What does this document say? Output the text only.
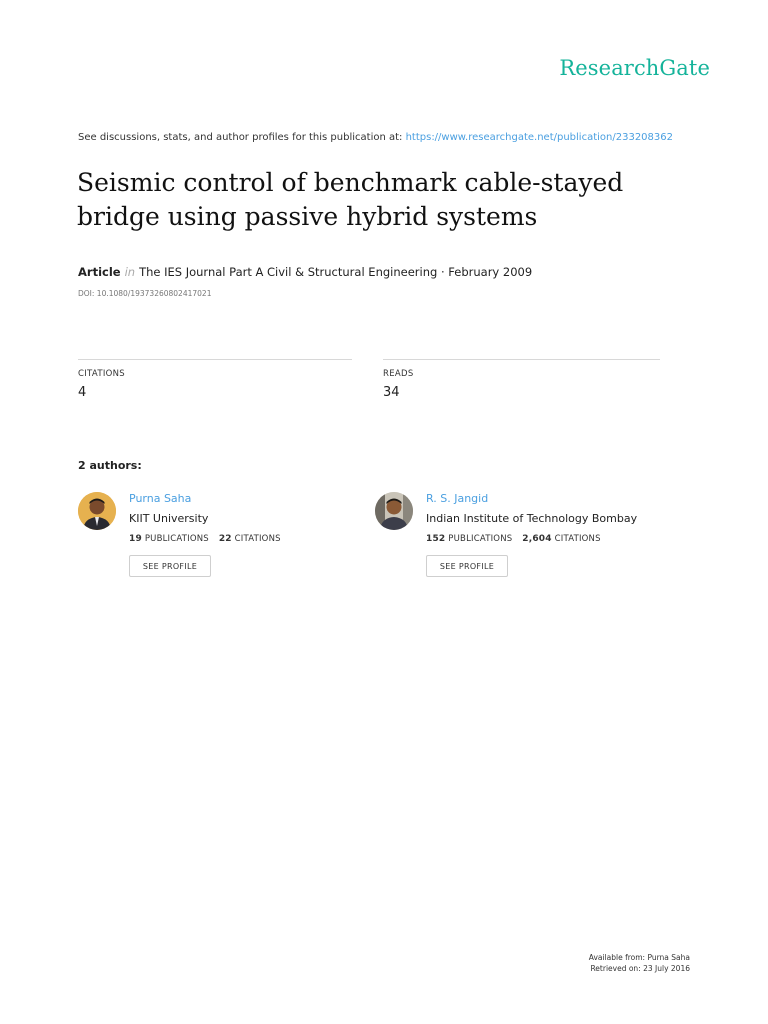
ResearchGate
See discussions, stats, and author profiles for this publication at: https://www.researchgate.net/publication/233208362
Seismic control of benchmark cable-stayed bridge using passive hybrid systems
Article in The IES Journal Part A Civil & Structural Engineering · February 2009
DOI: 10.1080/19373260802417021
CITATIONS
4
READS
34
2 authors:
Purna Saha
KIIT University
19 PUBLICATIONS 22 CITATIONS
SEE PROFILE
R. S. Jangid
Indian Institute of Technology Bombay
152 PUBLICATIONS 2,604 CITATIONS
SEE PROFILE
Available from: Purna Saha
Retrieved on: 23 July 2016
